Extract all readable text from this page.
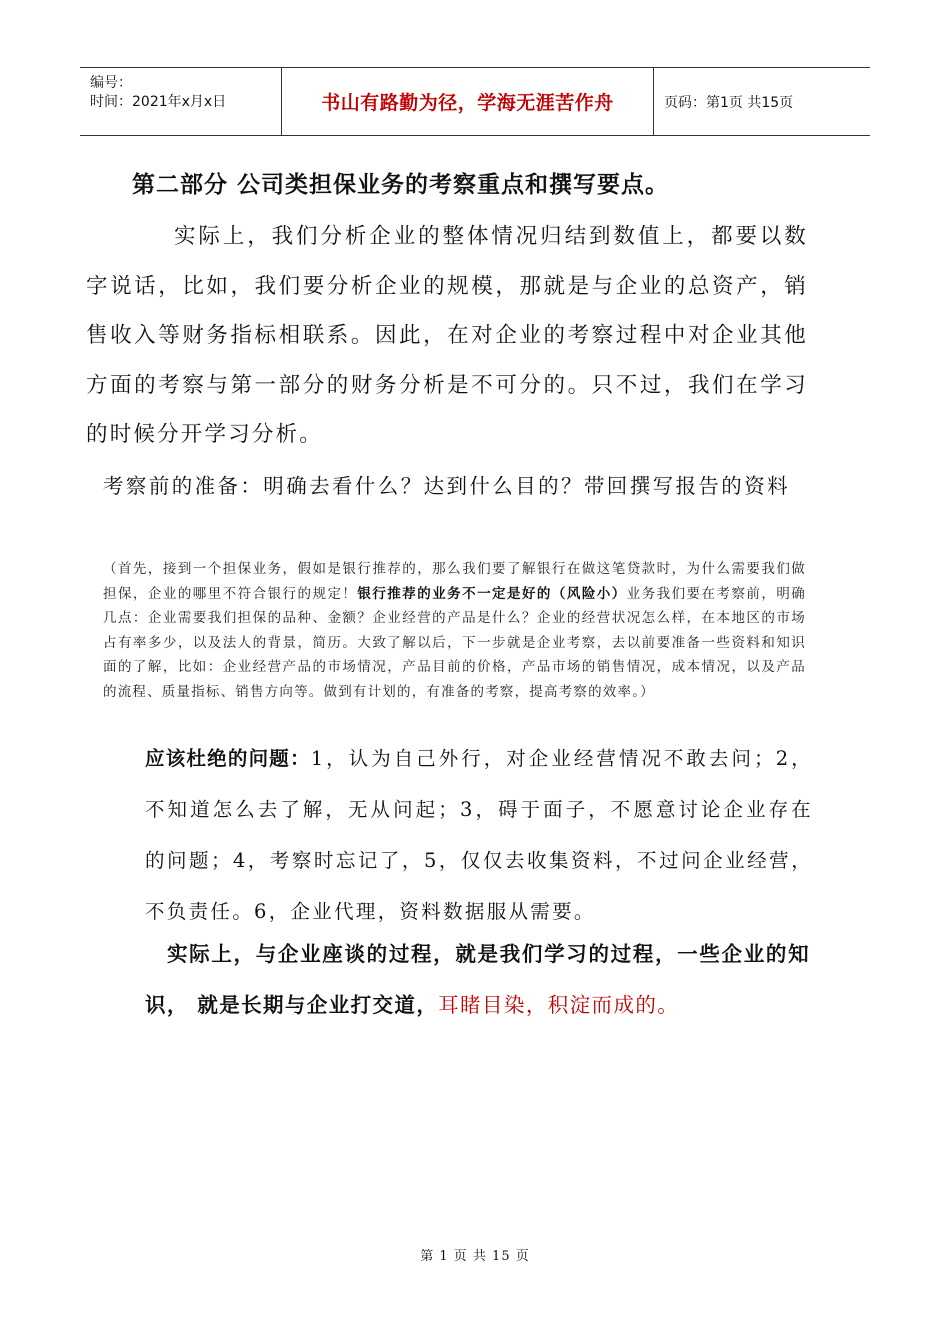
编号：
时间：2021年x月x日	书山有路勤为径，学海无涯苦作舟	页码：第1页 共15页
第二部分 公司类担保业务的考察重点和撰写要点。
实际上，我们分析企业的整体情况归结到数值上，都要以数字说话，比如，我们要分析企业的规模，那就是与企业的总资产，销售收入等财务指标相联系。因此，在对企业的考察过程中对企业其他方面的考察与第一部分的财务分析是不可分的。只不过，我们在学习的时候分开学习分析。
考察前的准备：明确去看什么？达到什么目的？带回撰写报告的资料
（首先，接到一个担保业务，假如是银行推荐的，那么我们要了解银行在做这笔贷款时，为什么需要我们做担保，企业的哪里不符合银行的规定！银行推荐的业务不一定是好的（风险小）业务我们要在考察前，明确几点：企业需要我们担保的品种、金额？企业经营的产品是什么？企业的经营状况怎么样，在本地区的市场占有率多少，以及法人的背景，简历。大致了解以后，下一步就是企业考察，去以前要准备一些资料和知识面的了解，比如：企业经营产品的市场情况，产品目前的价格，产品市场的销售情况，成本情况，以及产品的流程、质量指标、销售方向等。做到有计划的，有准备的考察，提高考察的效率。）
应该杜绝的问题：1，认为自己外行，对企业经营情况不敢去问；2，不知道怎么去了解，无从问起；3，碍于面子，不愿意讨论企业存在的问题；4，考察时忘记了，5，仅仅去收集资料，不过问企业经营，不负责任。6，企业代理，资料数据服从需要。
实际上，与企业座谈的过程，就是我们学习的过程，一些企业的知识， 就是长期与企业打交道，耳睹目染，积淀而成的。
第 1 页 共 15 页
